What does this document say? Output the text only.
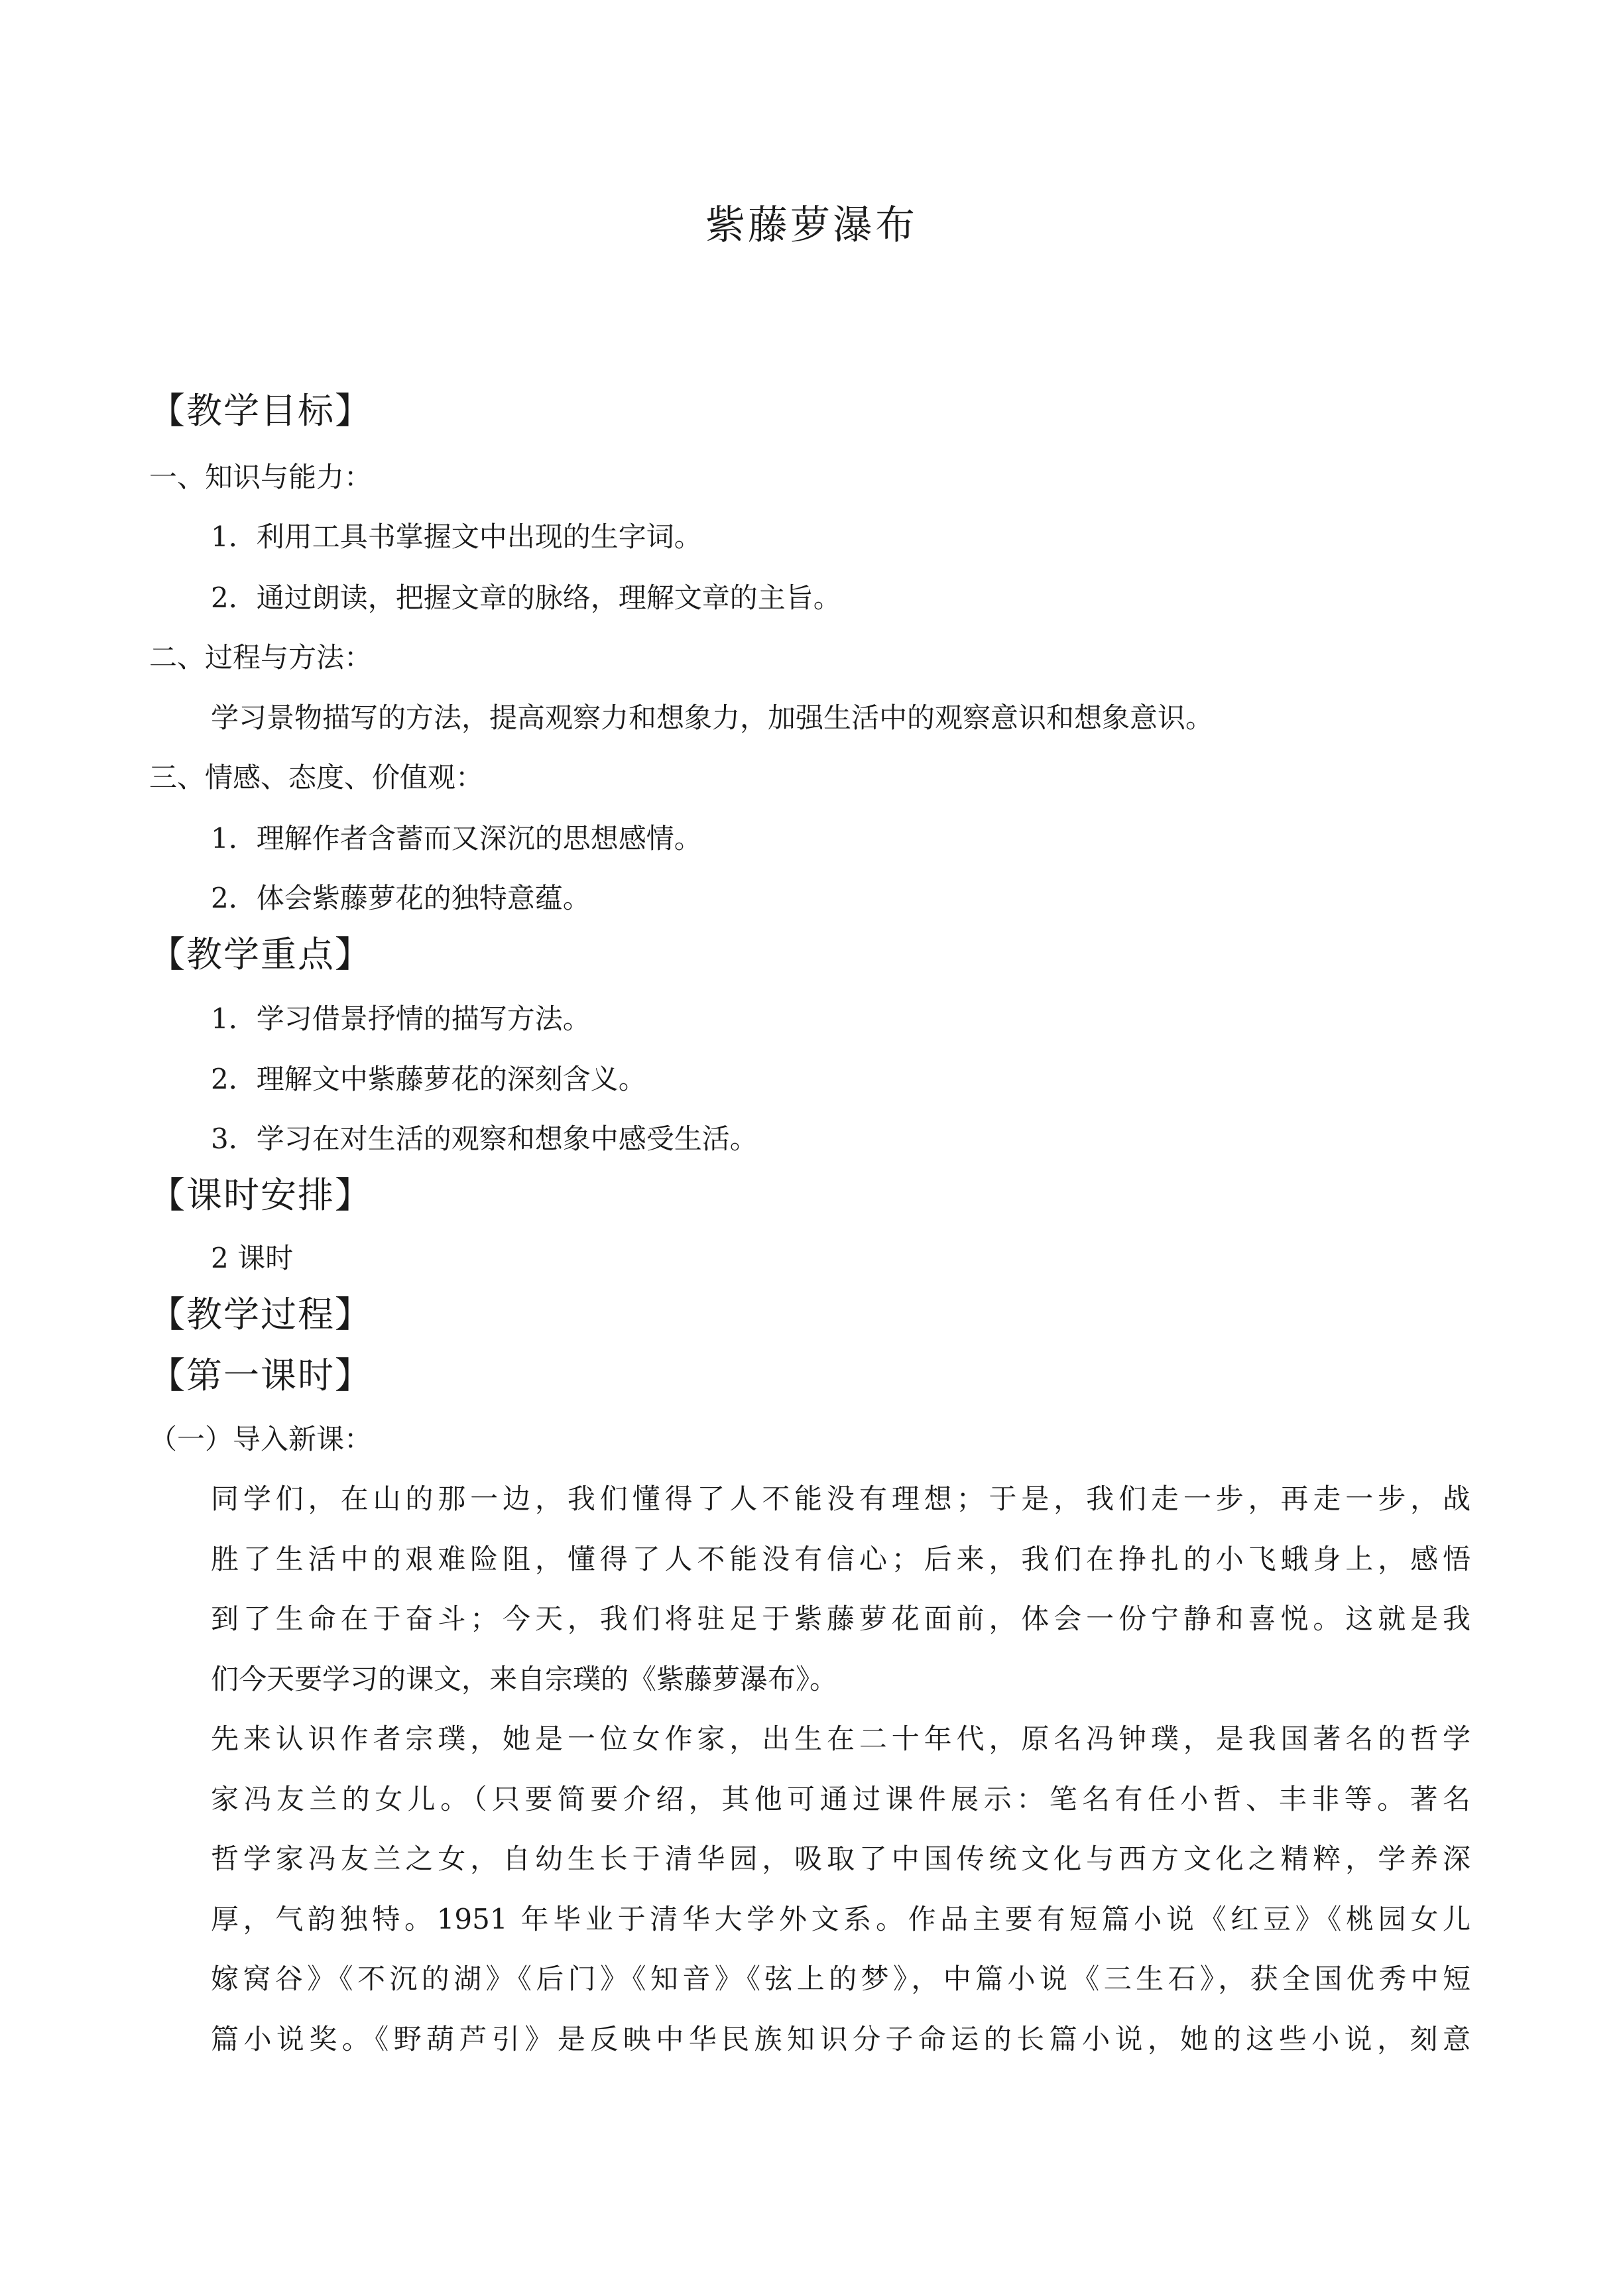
紫藤萝瀑布
【教学目标】
一、知识与能力：
1．利用工具书掌握文中出现的生字词。
2．通过朗读，把握文章的脉络，理解文章的主旨。
二、过程与方法：
学习景物描写的方法，提高观察力和想象力，加强生活中的观察意识和想象意识。
三、情感、态度、价值观：
1．理解作者含蓄而又深沉的思想感情。
2．体会紫藤萝花的独特意蕴。
【教学重点】
1．学习借景抒情的描写方法。
2．理解文中紫藤萝花的深刻含义。
3．学习在对生活的观察和想象中感受生活。
【课时安排】
2 课时
【教学过程】
【第一课时】
（一）导入新课：
同学们，在山的那一边，我们懂得了人不能没有理想；于是，我们走一步，再走一步，战
胜了生活中的艰难险阻，懂得了人不能没有信心；后来，我们在挣扎的小飞蛾身上，感悟
到了生命在于奋斗；今天，我们将驻足于紫藤萝花面前，体会一份宁静和喜悦。这就是我
们今天要学习的课文，来自宗璞的《紫藤萝瀑布》。
先来认识作者宗璞，她是一位女作家，出生在二十年代，原名冯钟璞，是我国著名的哲学
家冯友兰的女儿。（只要简要介绍，其他可通过课件展示：笔名有任小哲、丰非等。著名
哲学家冯友兰之女，自幼生长于清华园，吸取了中国传统文化与西方文化之精粹，学养深
厚，气韵独特。1951 年毕业于清华大学外文系。作品主要有短篇小说《红豆》《桃园女儿
嫁窝谷》《不沉的湖》《后门》《知音》《弦上的梦》，中篇小说《三生石》，获全国优秀中短
篇小说奖。《野葫芦引》是反映中华民族知识分子命运的长篇小说，她的这些小说，刻意
